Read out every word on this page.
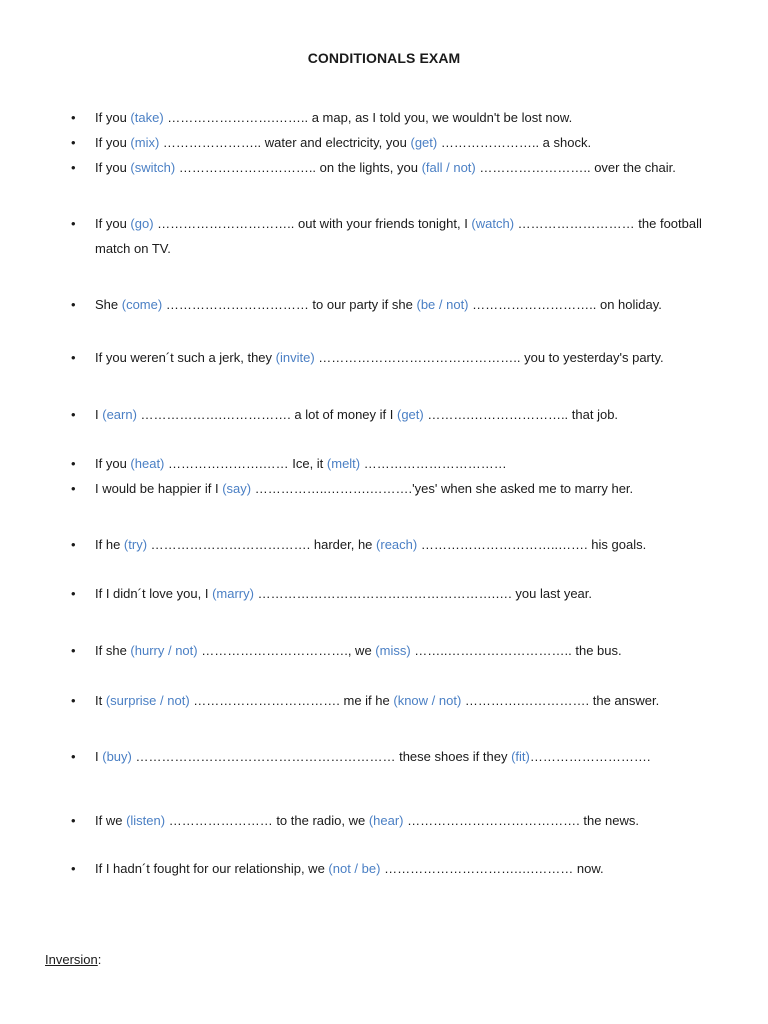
CONDITIONALS EXAM
• If you (take) …………………….…….. a map, as I told you, we wouldn't be lost now.
• If you (mix) ………………….. water and electricity, you (get) ………………….. a shock.
• If you (switch) ………………………….. on the lights, you (fall / not) …………………….. over the chair.
• If you (go) ………………………….. out with your friends tonight, I (watch) ……………………… the football match on TV.
• She (come) …………………………… to our party if she (be / not) ……………………….. on holiday.
• If you weren´t such a jerk, they (invite) ……………………………………….. you to yesterday's party.
• I (earn) ……………….……………. a lot of money if I (get) ……….………………….. that job.
• If you (heat) ………………….…… Ice, it (melt) ……………………………
• I would be happier if I (say) ……………..……….……….'yes' when she asked me to marry her.
• If he (try) ………………………………. harder, he (reach) …………………………..……. his goals.
• If I didn´t love you, I (marry) ……………………………………………….…. you last year.
• If she (hurry / not) ……………………………., we (miss) ……..……………………….. the bus.
• It (surprise / not) ……………………………. me if he (know / not) ………….……………. the answer.
• I (buy) …………………………………………………… these shoes if they (fit)……………………….
• If we (listen) …………………… to the radio, we (hear) …………………………………. the news.
• If I hadn´t fought for our relationship, we (not / be) ………………………….….……… now.
Inversion:
